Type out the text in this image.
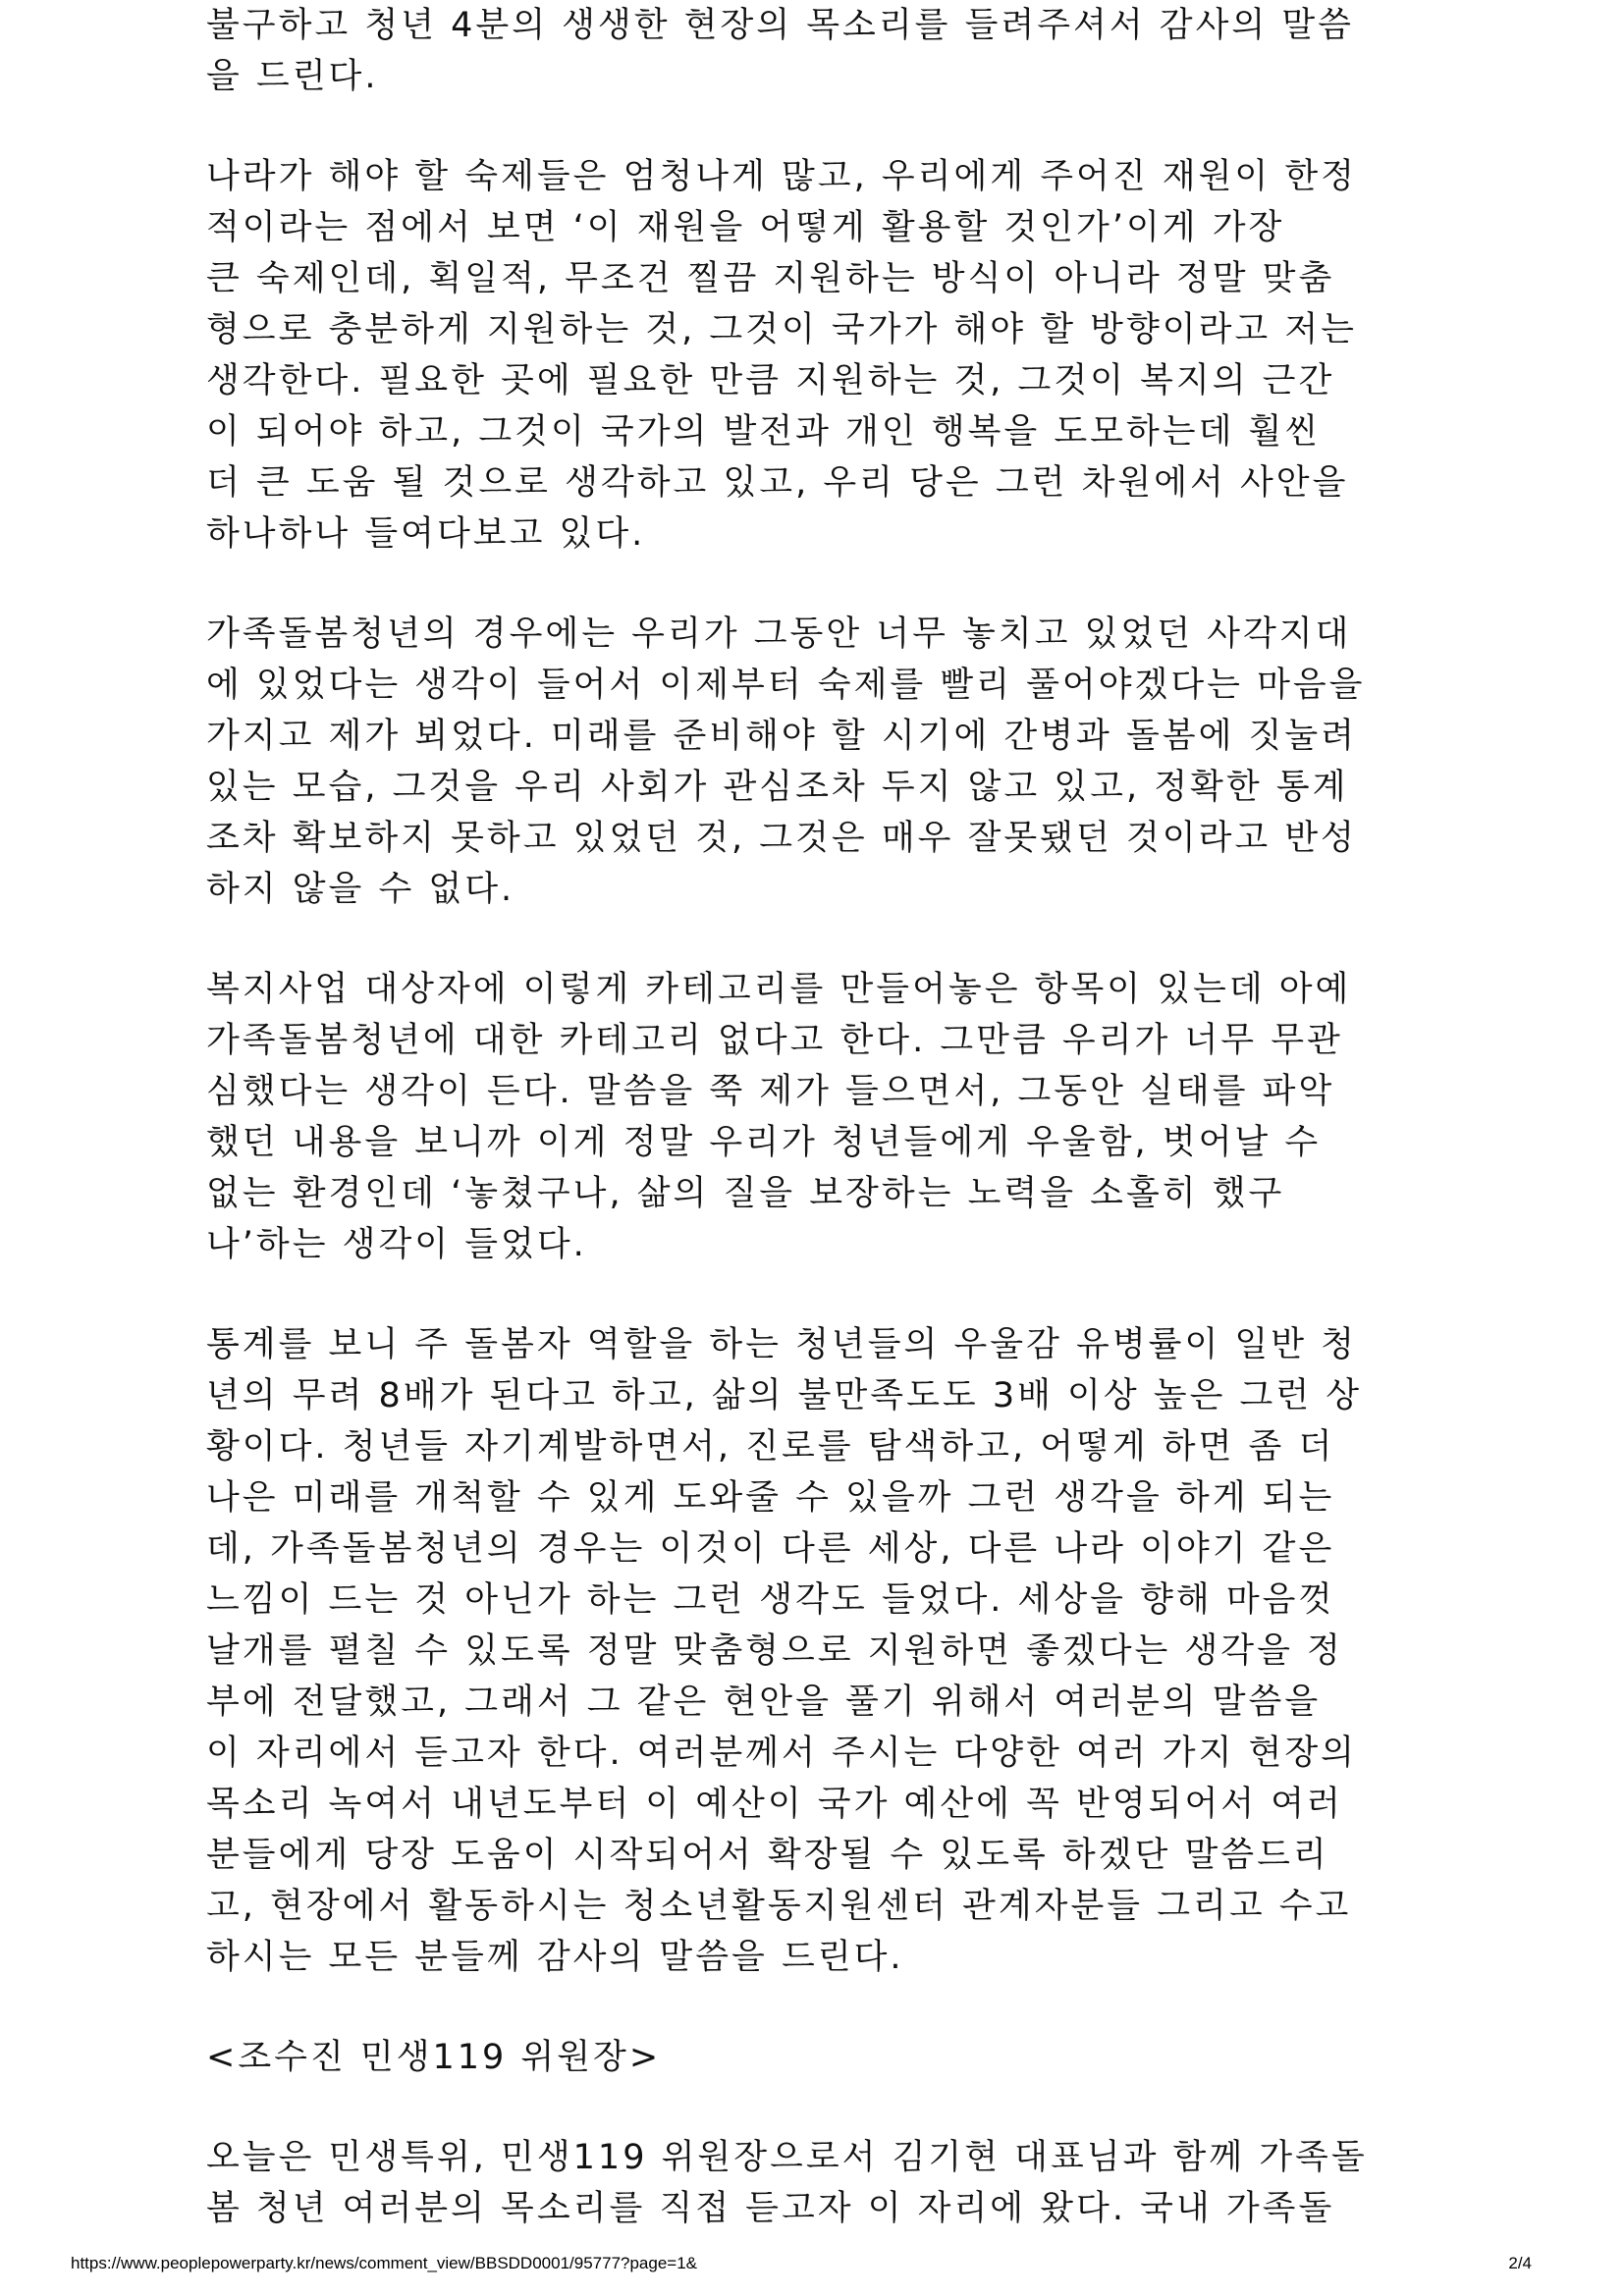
불구하고 청년 4분의 생생한 현장의 목소리를 들려주셔서 감사의 말씀
을 드린다.
나라가 해야 할 숙제들은 엄청나게 많고, 우리에게 주어진 재원이 한정
적이라는 점에서 보면 ‘이 재원을 어떻게 활용할 것인가’이게 가장
큰 숙제인데, 획일적, 무조건 찔끔 지원하는 방식이 아니라 정말 맞춤
형으로 충분하게 지원하는 것, 그것이 국가가 해야 할 방향이라고 저는
생각한다. 필요한 곳에 필요한 만큼 지원하는 것, 그것이 복지의 근간
이 되어야 하고, 그것이 국가의 발전과 개인 행복을 도모하는데 훨씬
더 큰 도움 될 것으로 생각하고 있고, 우리 당은 그런 차원에서 사안을
하나하나 들여다보고 있다.
가족돌봄청년의 경우에는 우리가 그동안 너무 놓치고 있었던 사각지대
에 있었다는 생각이 들어서 이제부터 숙제를 빨리 풀어야겠다는 마음을
가지고 제가 뵈었다. 미래를 준비해야 할 시기에 간병과 돌봄에 짓눌려
있는 모습, 그것을 우리 사회가 관심조차 두지 않고 있고, 정확한 통계
조차 확보하지 못하고 있었던 것, 그것은 매우 잘못됐던 것이라고 반성
하지 않을 수 없다.
복지사업 대상자에 이렇게 카테고리를 만들어놓은 항목이 있는데 아예
가족돌봄청년에 대한 카테고리 없다고 한다. 그만큼 우리가 너무 무관
심했다는 생각이 든다. 말씀을 쭉 제가 들으면서, 그동안 실태를 파악
했던 내용을 보니까 이게 정말 우리가 청년들에게 우울함, 벗어날 수
없는 환경인데 ‘놓쳤구나, 삶의 질을 보장하는 노력을 소홀히 했구
나’하는 생각이 들었다.
통계를 보니 주 돌봄자 역할을 하는 청년들의 우울감 유병률이 일반 청
년의 무려 8배가 된다고 하고, 삶의 불만족도도 3배 이상 높은 그런 상
황이다. 청년들 자기계발하면서, 진로를 탐색하고, 어떻게 하면 좀 더
나은 미래를 개척할 수 있게 도와줄 수 있을까 그런 생각을 하게 되는
데, 가족돌봄청년의 경우는 이것이 다른 세상, 다른 나라 이야기 같은
느낌이 드는 것 아닌가 하는 그런 생각도 들었다. 세상을 향해 마음껏
날개를 펼칠 수 있도록 정말 맞춤형으로 지원하면 좋겠다는 생각을 정
부에 전달했고, 그래서 그 같은 현안을 풀기 위해서 여러분의 말씀을
이 자리에서 듣고자 한다. 여러분께서 주시는 다양한 여러 가지 현장의
목소리 녹여서 내년도부터 이 예산이 국가 예산에 꼭 반영되어서 여러
분들에게 당장 도움이 시작되어서 확장될 수 있도록 하겠단 말씀드리
고, 현장에서 활동하시는 청소년활동지원센터 관계자분들 그리고 수고
하시는 모든 분들께 감사의 말씀을 드린다.
<조수진 민생119 위원장>
오늘은 민생특위, 민생119 위원장으로서 김기현 대표님과 함께 가족돌
봄 청년 여러분의 목소리를 직접 듣고자 이 자리에 왔다. 국내 가족돌
https://www.peoplepowerparty.kr/news/comment_view/BBSDD0001/95777?page=1&	2/4
